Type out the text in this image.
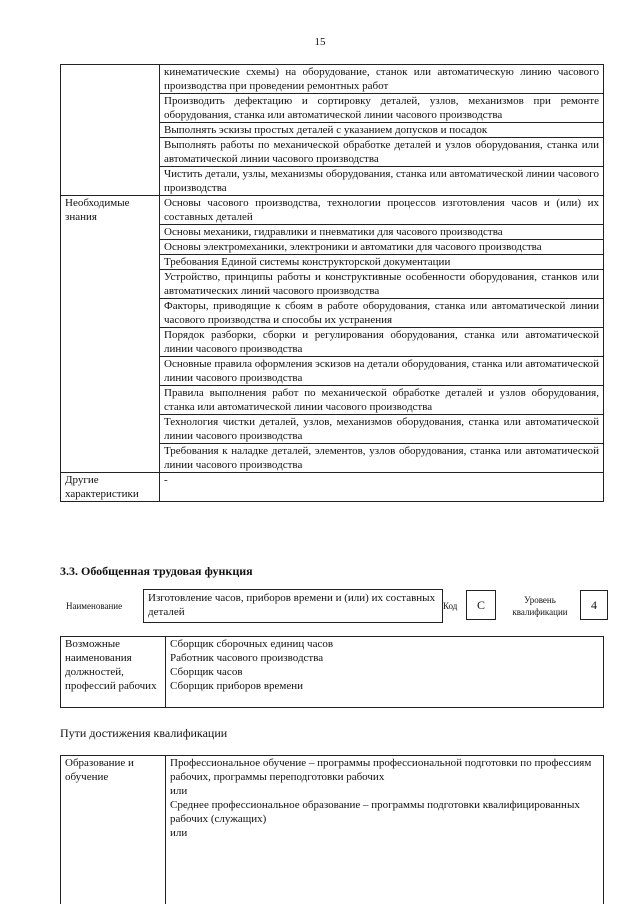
15
	кинематические схемы) на оборудование, станок или автоматическую линию часового производства при проведении ремонтных работ
	Производить дефектацию и сортировку деталей, узлов, механизмов при ремонте оборудования, станка или автоматической линии часового производства
	Выполнять эскизы простых деталей с указанием допусков и посадок
	Выполнять работы по механической обработке деталей и узлов оборудования, станка или автоматической линии часового производства
	Чистить детали, узлы, механизмы оборудования, станка или автоматической линии часового производства
Необходимые знания	Основы часового производства, технологии процессов изготовления часов и (или) их составных деталей
	Основы механики, гидравлики и пневматики для часового производства
	Основы электромеханики, электроники и автоматики для часового производства
	Требования Единой системы конструкторской документации
	Устройство, принципы работы и конструктивные особенности оборудования, станков или автоматических линий часового производства
	Факторы, приводящие к сбоям в работе оборудования, станка или автоматической линии часового производства и способы их устранения
	Порядок разборки, сборки и регулирования оборудования, станка или автоматической линии часового производства
	Основные правила оформления эскизов на детали оборудования, станка или автоматической линии часового производства
	Правила выполнения работ по механической обработке деталей и узлов оборудования, станка или автоматической линии часового производства
	Технология чистки деталей, узлов, механизмов оборудования, станка или автоматической линии часового производства
	Требования к наладке деталей, элементов, узлов оборудования, станка или автоматической линии часового производства
Другие характеристики	-
3.3. Обобщенная трудовая функция
Наименование
Изготовление часов, приборов времени и (или) их составных деталей	Код	C	Уровень квалификации	4
Возможные наименования должностей, профессий рабочих	
Сборщик сборочных единиц часов
Работник часового производства
Сборщик часов
Сборщик приборов времени
Пути достижения квалификации
Образование и обучение	
Профессиональное обучение – программы профессиональной подготовки по профессиям рабочих, программы переподготовки рабочих
или
Среднее профессиональное образование – программы подготовки квалифицированных рабочих (служащих)
или
